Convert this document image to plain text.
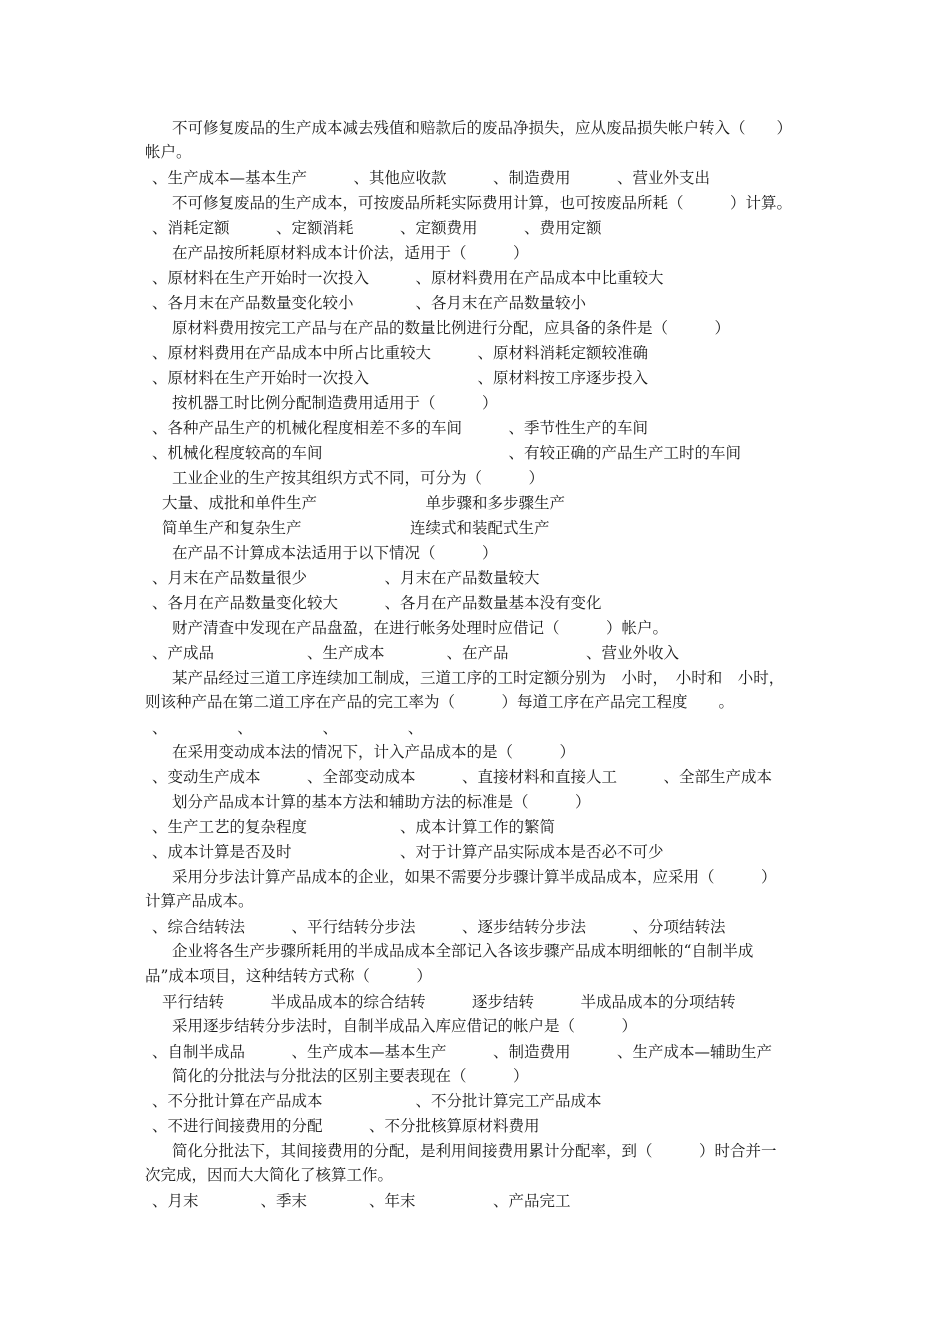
不可修复废品的生产成本减去残值和赔款后的废品净损失，应从废品损失帐户转入（　　）
帐户。
、生产成本—基本生产　　　、其他应收款　　　、制造费用　　　、营业外支出
不可修复废品的生产成本，可按废品所耗实际费用计算，也可按废品所耗（　　　）计算。
、消耗定额　　　、定额消耗　　　、定额费用　　　、费用定额
在产品按所耗原材料成本计价法，适用于（　　　）
、原材料在生产开始时一次投入　　　、原材料费用在产品成本中比重较大
、各月末在产品数量变化较小　　　　、各月末在产品数量较小
原材料费用按完工产品与在产品的数量比例进行分配，应具备的条件是（　　　）
、原材料费用在产品成本中所占比重较大　　　、原材料消耗定额较准确
、原材料在生产开始时一次投入　　　　　　　、原材料按工序逐步投入
按机器工时比例分配制造费用适用于（　　　）
、各种产品生产的机械化程度相差不多的车间　　　、季节性生产的车间
、机械化程度较高的车间　　　　　　　　　　　　、有较正确的产品生产工时的车间
工业企业的生产按其组织方式不同，可分为（　　　）
大量、成批和单件生产　　　　　　　单步骤和多步骤生产
简单生产和复杂生产　　　　　　　连续式和装配式生产
在产品不计算成本法适用于以下情况（　　　）
、月末在产品数量很少　　　　　、月末在产品数量较大
、各月在产品数量变化较大　　　、各月在产品数量基本没有变化
财产清查中发现在产品盘盈，在进行帐务处理时应借记（　　　）帐户。
、产成品　　　　　　、生产成本　　　　、在产品　　　　　、营业外收入
某产品经过三道工序连续加工制成，三道工序的工时定额分别为　小时，　小时和　小时，
则该种产品在第二道工序在产品的完工率为（　　　）每道工序在产品完工程度　　。
、　　　　　、　　　　　、　　　　　、
在采用变动成本法的情况下，计入产品成本的是（　　　）
、变动生产成本　　　、全部变动成本　　　、直接材料和直接人工　　　、全部生产成本
划分产品成本计算的基本方法和辅助方法的标准是（　　　）
、生产工艺的复杂程度　　　　　　、成本计算工作的繁简
、成本计算是否及时　　　　　　　、对于计算产品实际成本是否必不可少
采用分步法计算产品成本的企业，如果不需要分步骤计算半成品成本，应采用（　　　）
计算产品成本。
、综合结转法　　　、平行结转分步法　　　、逐步结转分步法　　　、分项结转法
企业将各生产步骤所耗用的半成品成本全部记入各该步骤产品成本明细帐的“自制半成
品”成本项目，这种结转方式称（　　　）
平行结转　　　半成品成本的综合结转　　　逐步结转　　　半成品成本的分项结转
采用逐步结转分步法时，自制半成品入库应借记的帐户是（　　　）
、自制半成品　　　、生产成本—基本生产　　　、制造费用　　　、生产成本—辅助生产
简化的分批法与分批法的区别主要表现在（　　　）
、不分批计算在产品成本　　　　　　、不分批计算完工产品成本
、不进行间接费用的分配　　　、不分批核算原材料费用
简化分批法下，其间接费用的分配，是利用间接费用累计分配率，到（　　　）时合并一
次完成，因而大大简化了核算工作。
、月末　　　　、季末　　　　、年末　　　　　、产品完工
